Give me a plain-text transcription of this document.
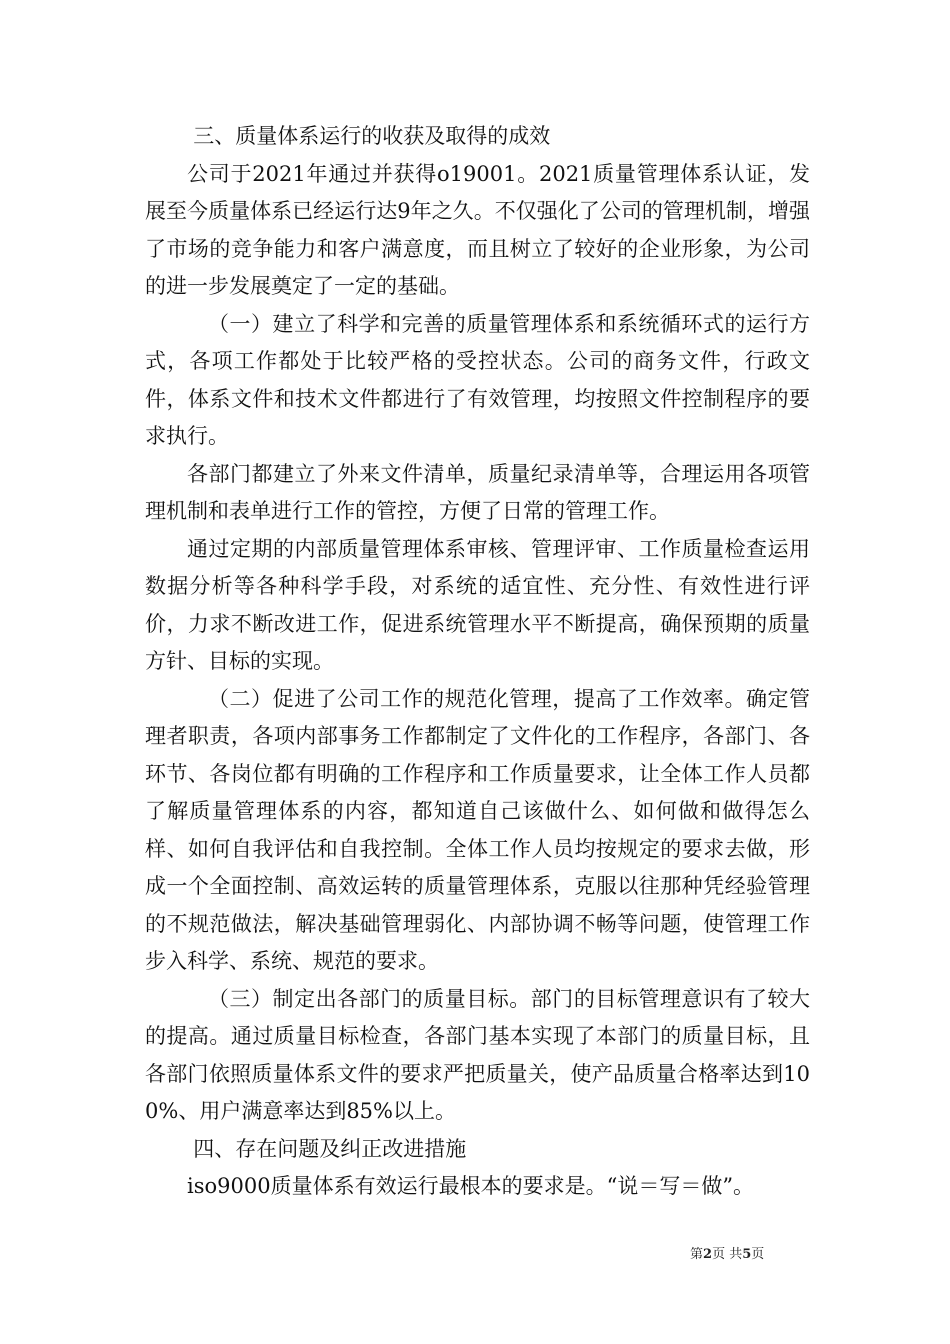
三、质量体系运行的收获及取得的成效

公司于2021年通过并获得o19001。2021质量管理体系认证，发展至今质量体系已经运行达9年之久。不仅强化了公司的管理机制，增强了市场的竞争能力和客户满意度，而且树立了较好的企业形象，为公司的进一步发展奠定了一定的基础。

（一）建立了科学和完善的质量管理体系和系统循环式的运行方式，各项工作都处于比较严格的受控状态。公司的商务文件，行政文件，体系文件和技术文件都进行了有效管理，均按照文件控制程序的要求执行。

各部门都建立了外来文件清单，质量纪录清单等，合理运用各项管理机制和表单进行工作的管控，方便了日常的管理工作。

通过定期的内部质量管理体系审核、管理评审、工作质量检查运用数据分析等各种科学手段，对系统的适宜性、充分性、有效性进行评价，力求不断改进工作，促进系统管理水平不断提高，确保预期的质量方针、目标的实现。

（二）促进了公司工作的规范化管理，提高了工作效率。确定管理者职责，各项内部事务工作都制定了文件化的工作程序，各部门、各环节、各岗位都有明确的工作程序和工作质量要求，让全体工作人员都了解质量管理体系的内容，都知道自己该做什么、如何做和做得怎么样、如何自我评估和自我控制。全体工作人员均按规定的要求去做，形成一个全面控制、高效运转的质量管理体系，克服以往那种凭经验管理的不规范做法，解决基础管理弱化、内部协调不畅等问题，使管理工作步入科学、系统、规范的要求。

（三）制定出各部门的质量目标。部门的目标管理意识有了较大的提高。通过质量目标检查，各部门基本实现了本部门的质量目标，且各部门依照质量体系文件的要求严把质量关，使产品质量合格率达到100%、用户满意率达到85%以上。

四、存在问题及纠正改进措施

iso9000质量体系有效运行最根本的要求是。“说＝写＝做”。

第2页 共5页
